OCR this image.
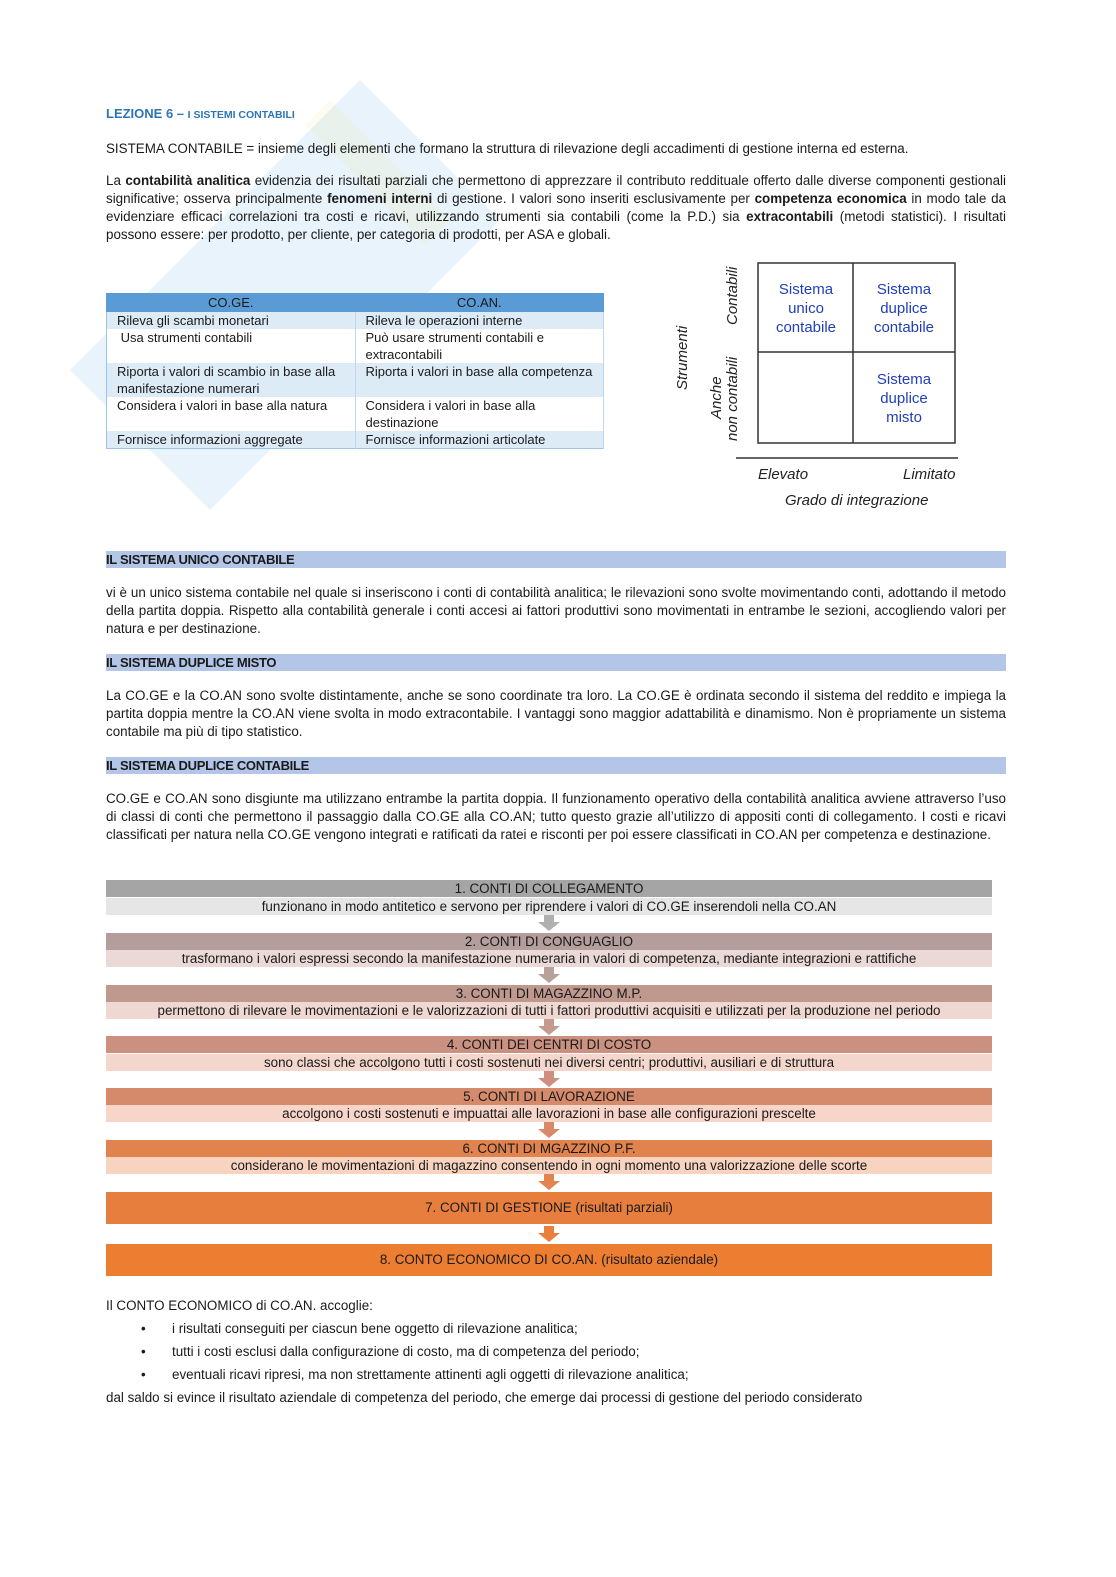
LEZIONE 6 – I SISTEMI CONTABILI
SISTEMA CONTABILE = insieme degli elementi che formano la struttura di rilevazione degli accadimenti di gestione interna ed esterna.
La contabilità analitica evidenzia dei risultati parziali che permettono di apprezzare il contributo reddituale offerto dalle diverse componenti gestionali significative; osserva principalmente fenomeni interni di gestione. I valori sono inseriti esclusivamente per competenza economica in modo tale da evidenziare efficaci correlazioni tra costi e ricavi, utilizzando strumenti sia contabili (come la P.D.) sia extracontabili (metodi statistici). I risultati possono essere: per prodotto, per cliente, per categoria di prodotti, per ASA e globali.
CO.GE.	CO.AN.
Rileva gli scambi monetari	Rileva le operazioni interne
Usa strumenti contabili	Può usare strumenti contabili e extracontabili
Riporta i valori di scambio in base alla manifestazione numerari	Riporta i valori in base alla competenza
Considera i valori in base alla natura	Considera i valori in base alla destinazione
Fornisce informazioni aggregate	Fornisce informazioni articolate
Strumenti
Contabili
Anche non contabili
Elevato	Limitato
Grado di integrazione
Sistema
unico
contabile
Sistema
duplice
contabile
Sistema
duplice
misto
IL SISTEMA UNICO CONTABILE
vi è un unico sistema contabile nel quale si inseriscono i conti di contabilità analitica; le rilevazioni sono svolte movimentando conti, adottando il metodo della partita doppia. Rispetto alla contabilità generale i conti accesi ai fattori produttivi sono movimentati in entrambe le sezioni, accogliendo valori per natura e per destinazione.
IL SISTEMA DUPLICE MISTO
La CO.GE e la CO.AN sono svolte distintamente, anche se sono coordinate tra loro. La CO.GE è ordinata secondo il sistema del reddito e impiega la partita doppia mentre la CO.AN viene svolta in modo extracontabile. I vantaggi sono maggior adattabilità e dinamismo. Non è propriamente un sistema contabile ma più di tipo statistico.
IL SISTEMA DUPLICE CONTABILE
CO.GE e CO.AN sono disgiunte ma utilizzano entrambe la partita doppia. Il funzionamento operativo della contabilità analitica avviene attraverso l’uso di classi di conti che permettono il passaggio dalla CO.GE alla CO.AN; tutto questo grazie all’utilizzo di appositi conti di collegamento. I costi e ricavi classificati per natura nella CO.GE vengono integrati e ratificati da ratei e risconti per poi essere classificati in CO.AN per competenza e destinazione.
1. CONTI DI COLLEGAMENTO
funzionano in modo antitetico e servono per riprendere i valori di CO.GE inserendoli nella CO.AN
2. CONTI DI CONGUAGLIO
trasformano i valori espressi secondo la manifestazione numeraria in valori di competenza, mediante integrazioni e rattifiche
3. CONTI DI MAGAZZINO M.P.
permettono di rilevare le movimentazioni e le valorizzazioni di tutti i fattori produttivi acquisiti e utilizzati per la produzione nel periodo
4. CONTI DEI CENTRI DI COSTO
sono classi che accolgono tutti i costi sostenuti nei diversi centri; produttivi, ausiliari e di struttura
5. CONTI DI LAVORAZIONE
accolgono i costi sostenuti e impuattai alle lavorazioni in base alle configurazioni prescelte
6. CONTI DI MGAZZINO P.F.
considerano le movimentazioni di magazzino consentendo in ogni momento una valorizzazione delle scorte
7. CONTI DI GESTIONE (risultati parziali)
8. CONTO ECONOMICO DI CO.AN. (risultato aziendale)
Il CONTO ECONOMICO di CO.AN. accoglie:
• i risultati conseguiti per ciascun bene oggetto di rilevazione analitica;
• tutti i costi esclusi dalla configurazione di costo, ma di competenza del periodo;
• eventuali ricavi ripresi, ma non strettamente attinenti agli oggetti di rilevazione analitica;
dal saldo si evince il risultato aziendale di competenza del periodo, che emerge dai processi di gestione del periodo considerato
